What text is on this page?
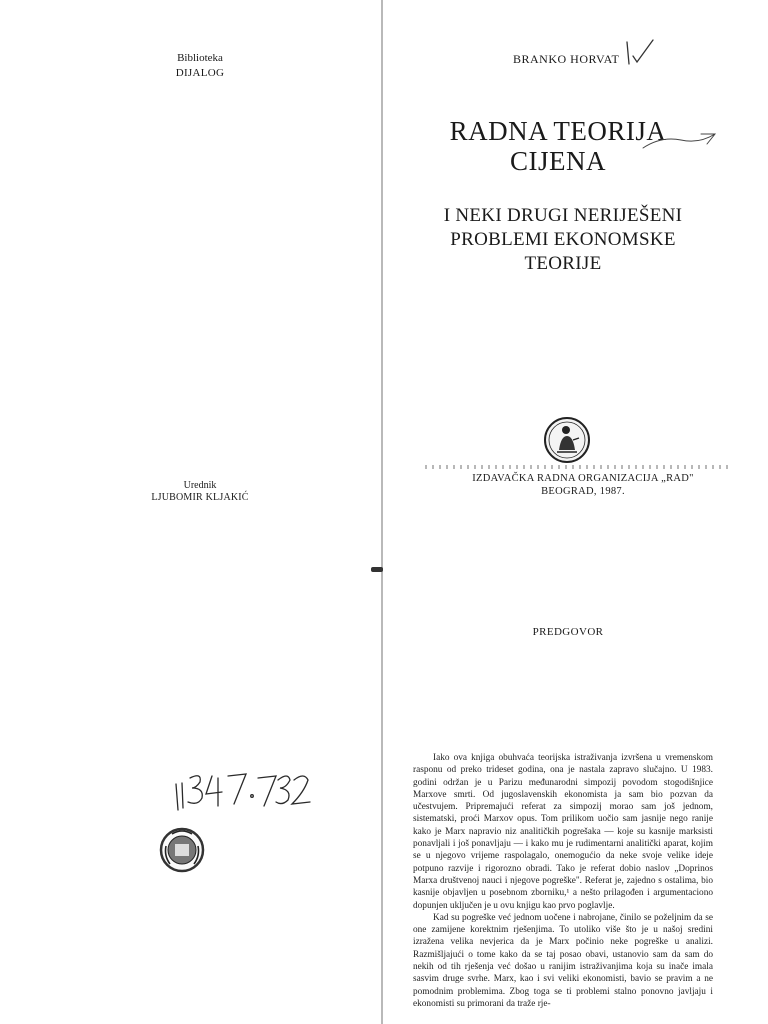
Biblioteka
DIJALOG
Urednik
LJUBOMIR KLJAKIĆ
BRANKO HORVAT
RADNA TEORIJA
CIJENA
I NEKI DRUGI NERIJEŠENI
PROBLEMI EKONOMSKE
TEORIJE
IZDAVAČKA RADNA ORGANIZACIJA „RAD"
BEOGRAD, 1987.
PREDGOVOR

Iako ova knjiga obuhvaća teorijska istraživanja izvršena u vremenskom rasponu od preko trideset godina, ona je nastala zapravo slučajno. U 1983. godini održan je u Parizu međunarodni simpozij povodom stogodišnjice Marxove smrti. Od jugoslavenskih ekonomista ja sam bio pozvan da učestvujem. Pripremajući referat za simpozij morao sam još jednom, sistematski, proći Marxov opus. Tom prilikom uočio sam jasnije nego ranije kako je Marx napravio niz analitičkih pogrešaka — koje su kasnije marksisti ponavljali i još ponavljaju — i kako mu je rudimentarni analitički aparat, kojim se u njegovo vrijeme raspolagalo, onemogućio da neke svoje velike ideje potpuno razvije i rigorozno obradi. Tako je referat dobio naslov „Doprinos Marxa društvenoj nauci i njegove pogreške". Referat je, zajedno s ostalima, bio kasnije objavljen u posebnom zborniku,¹ a nešto prilagođen i argumentaciono dopunjen uključen je u ovu knjigu kao prvo poglavlje.

Kad su pogreške već jednom uočene i nabrojane, činilo se poželjnim da se one zamijene korektnim rješenjima. To utoliko više što je u našoj sredini izražena velika nevjerica da je Marx počinio neke pogreške u analizi. Razmišljajući o tome kako da se taj posao obavi, ustanovio sam da sam do nekih od tih rješenja već došao u ranijim istraživanjima koja su inače imala sasvim druge svrhe. Marx, kao i svi veliki ekonomisti, bavio se pravim a ne pomodnim problemima. Zbog toga se ti problemi stalno ponovno javljaju i ekonomisti su primorani da traže rje-
